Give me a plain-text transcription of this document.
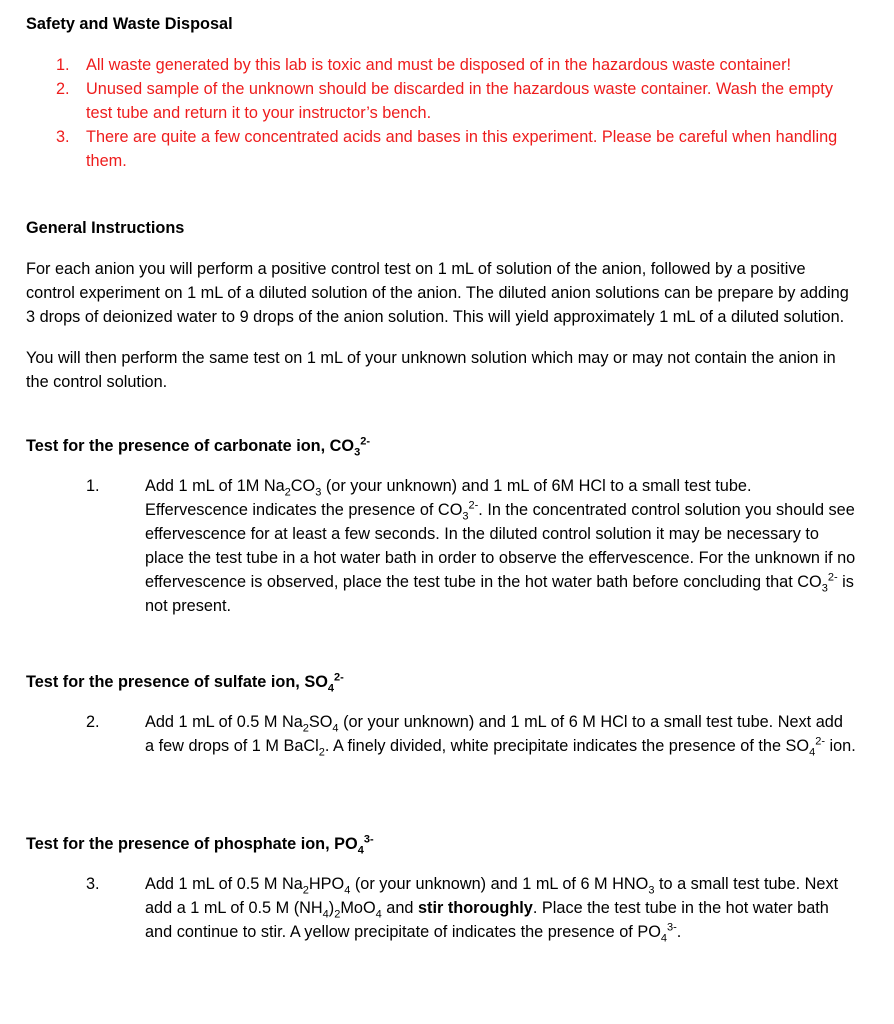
Safety and Waste Disposal
1. All waste generated by this lab is toxic and must be disposed of in the hazardous waste container!
2. Unused sample of the unknown should be discarded in the hazardous waste container. Wash the empty test tube and return it to your instructor’s bench.
3. There are quite a few concentrated acids and bases in this experiment. Please be careful when handling them.
General Instructions

For each anion you will perform a positive control test on 1 mL of solution of the anion, followed by a positive control experiment on 1 mL of a diluted solution of the anion. The diluted anion solutions can be prepare by adding 3 drops of deionized water to 9 drops of the anion solution. This will yield approximately 1 mL of a diluted solution.

You will then perform the same test on 1 mL of your unknown solution which may or may not contain the anion in the control solution.

Test for the presence of carbonate ion, $CO_3^{2-}$
1.	Add 1 mL of 1M $Na_2CO_3$ (or your unknown) and 1 mL of 6M HCl to a small test tube. Effervescence indicates the presence of $CO_3^{2-}$. In the concentrated control solution you should see effervescence for at least a few seconds. In the diluted control solution it may be necessary to place the test tube in a hot water bath in order to observe the effervescence. For the unknown if no effervescence is observed, place the test tube in the hot water bath before concluding that $CO_3^{2-}$ is not present.
Test for the presence of sulfate ion, $SO_4^{2-}$
2.	Add 1 mL of 0.5 M $Na_2SO_4$ (or your unknown) and 1 mL of 6 M HCl to a small test tube. Next add a few drops of 1 M BaCl$_2$. A finely divided, white precipitate indicates the presence of the $SO_4^{2-}$ ion.
Test for the presence of phosphate ion, $PO_4^{3-}$
3.	Add 1 mL of 0.5 M $Na_2HPO_4$ (or your unknown) and 1 mL of 6 M $HNO_3$ to a small test tube. Next add a 1 mL of 0.5 M $(NH_4)_2MoO_4$ and stir thoroughly. Place the test tube in the hot water bath and continue to stir. A yellow precipitate of indicates the presence of $PO_4^{3-}$.
